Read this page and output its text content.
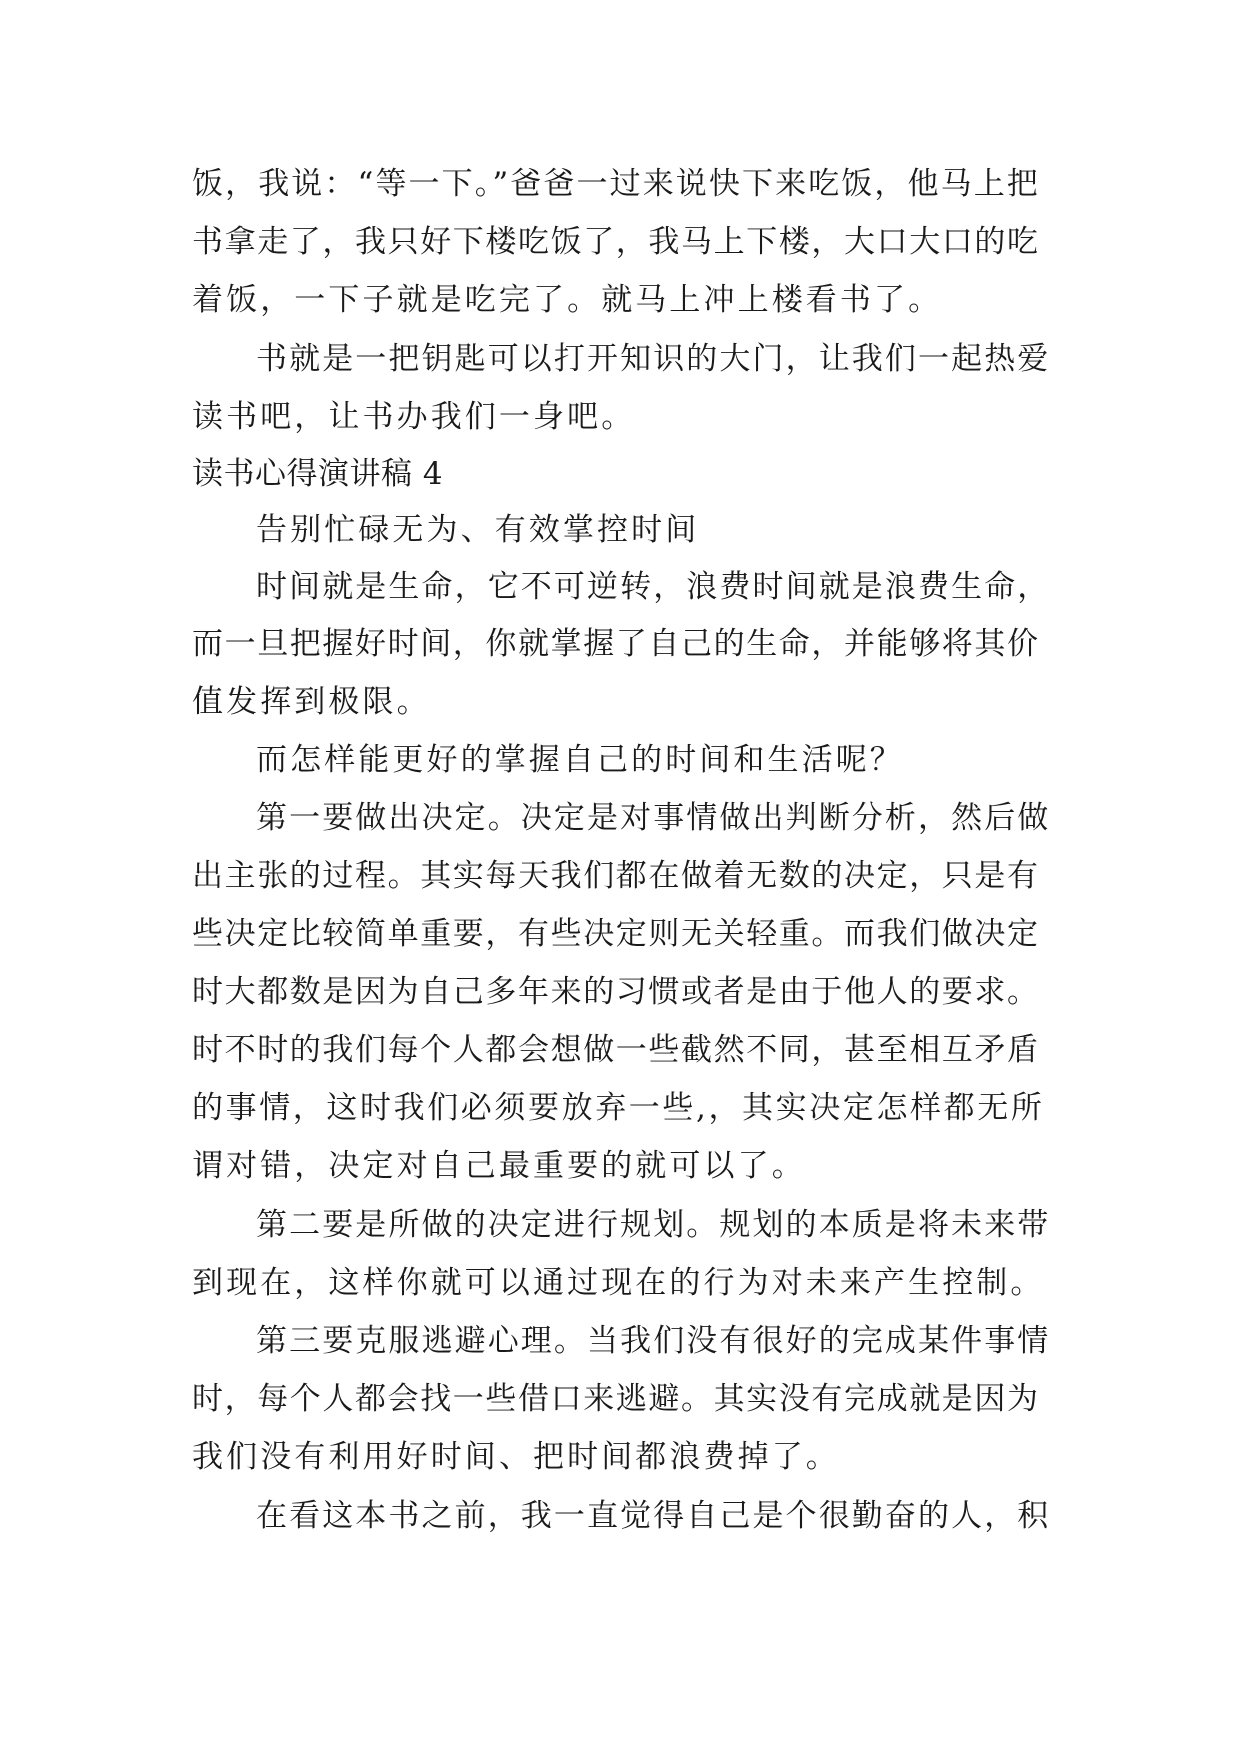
饭，我说：“等一下。”爸爸一过来说快下来吃饭，他马上把
书拿走了，我只好下楼吃饭了，我马上下楼，大口大口的吃
着饭，一下子就是吃完了。就马上冲上楼看书了。
书就是一把钥匙可以打开知识的大门，让我们一起热爱
读书吧，让书办我们一身吧。
读书心得演讲稿 4
告别忙碌无为、有效掌控时间
时间就是生命，它不可逆转，浪费时间就是浪费生命，
而一旦把握好时间，你就掌握了自己的生命，并能够将其价
值发挥到极限。
而怎样能更好的掌握自己的时间和生活呢？
第一要做出决定。决定是对事情做出判断分析，然后做
出主张的过程。其实每天我们都在做着无数的决定，只是有
些决定比较简单重要，有些决定则无关轻重。而我们做决定
时大都数是因为自己多年来的习惯或者是由于他人的要求。
时不时的我们每个人都会想做一些截然不同，甚至相互矛盾
的事情，这时我们必须要放弃一些,，其实决定怎样都无所
谓对错，决定对自己最重要的就可以了。
第二要是所做的决定进行规划。规划的本质是将未来带
到现在，这样你就可以通过现在的行为对未来产生控制。
第三要克服逃避心理。当我们没有很好的完成某件事情
时，每个人都会找一些借口来逃避。其实没有完成就是因为
我们没有利用好时间、把时间都浪费掉了。
在看这本书之前，我一直觉得自己是个很勤奋的人，积
